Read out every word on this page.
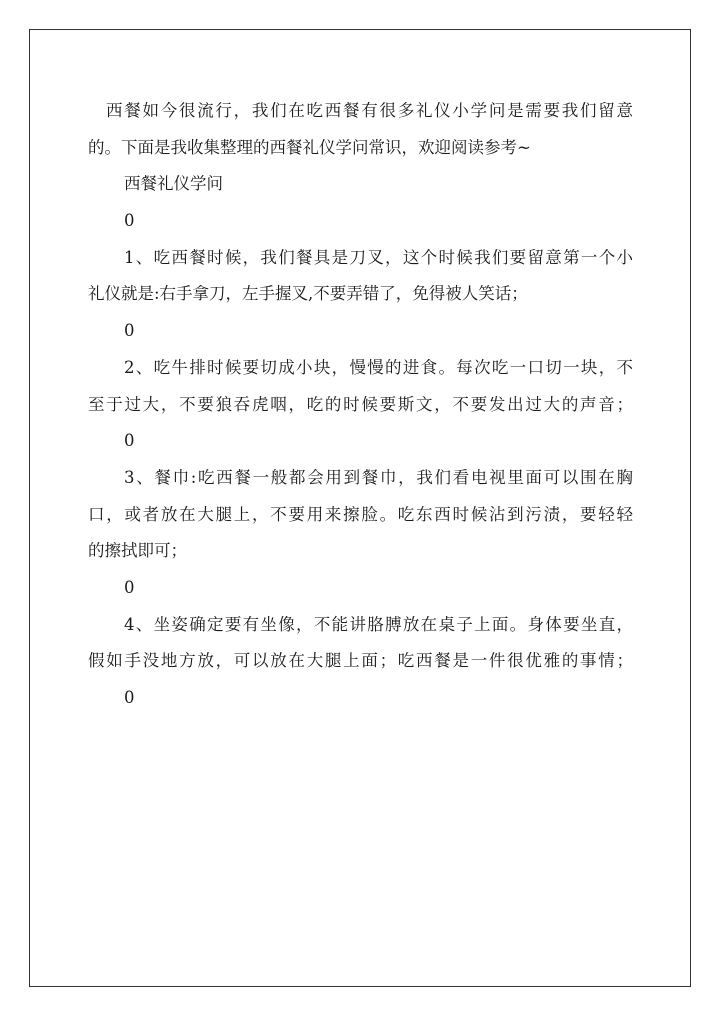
西餐如今很流行，我们在吃西餐有很多礼仪小学问是需要我们留意
的。下面是我收集整理的西餐礼仪学问常识，欢迎阅读参考~
西餐礼仪学问
0
1、吃西餐时候，我们餐具是刀叉，这个时候我们要留意第一个小
礼仪就是:右手拿刀，左手握叉,不要弄错了，免得被人笑话；
0
2、吃牛排时候要切成小块，慢慢的进食。每次吃一口切一块，不
至于过大，不要狼吞虎咽，吃的时候要斯文，不要发出过大的声音；
0
3、餐巾:吃西餐一般都会用到餐巾，我们看电视里面可以围在胸
口，或者放在大腿上，不要用来擦脸。吃东西时候沾到污渍，要轻轻
的擦拭即可；
0
4、坐姿确定要有坐像，不能讲胳膊放在桌子上面。身体要坐直，
假如手没地方放，可以放在大腿上面；吃西餐是一件很优雅的事情；
0
